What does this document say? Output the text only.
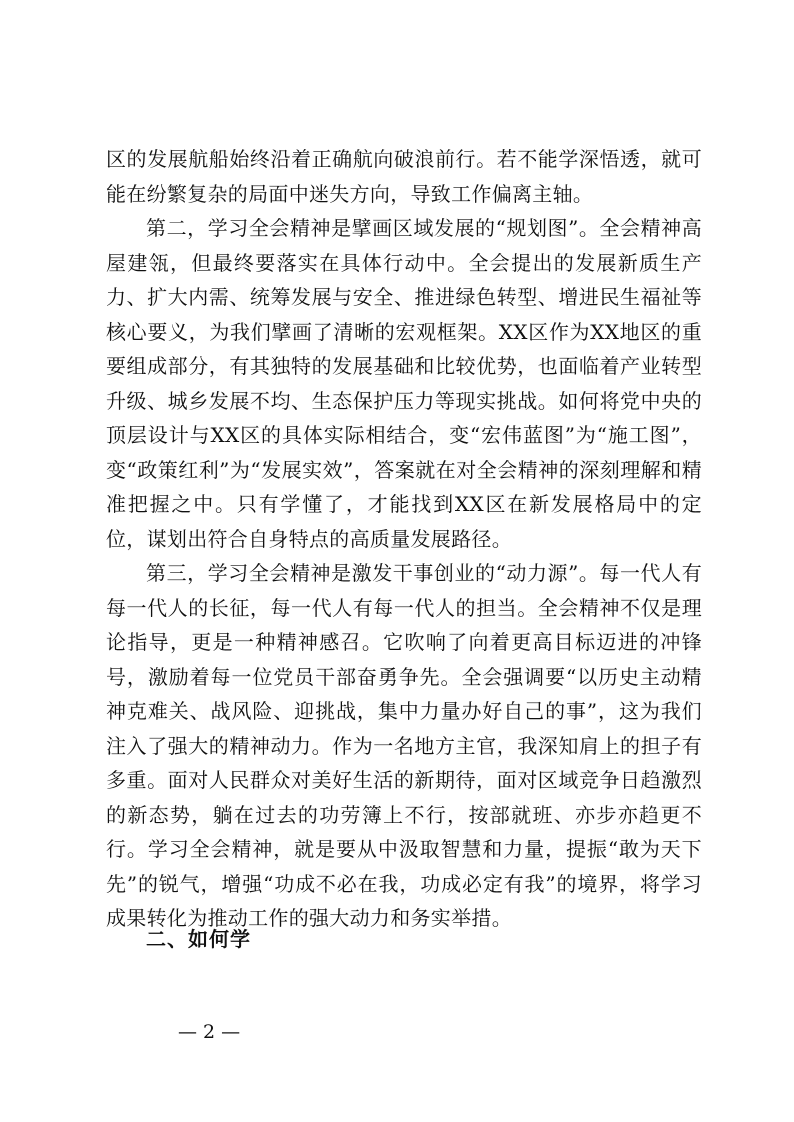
区的发展航船始终沿着正确航向破浪前行。若不能学深悟透，就可能在纷繁复杂的局面中迷失方向，导致工作偏离主轴。

第二，学习全会精神是擘画区域发展的“规划图”。全会精神高屋建瓴，但最终要落实在具体行动中。全会提出的发展新质生产力、扩大内需、统筹发展与安全、推进绿色转型、增进民生福祉等核心要义，为我们擘画了清晰的宏观框架。XX区作为XX地区的重要组成部分，有其独特的发展基础和比较优势，也面临着产业转型升级、城乡发展不均、生态保护压力等现实挑战。如何将党中央的顶层设计与XX区的具体实际相结合，变“宏伟蓝图”为“施工图”，变“政策红利”为“发展实效”，答案就在对全会精神的深刻理解和精准把握之中。只有学懂了，才能找到XX区在新发展格局中的定位，谋划出符合自身特点的高质量发展路径。

第三，学习全会精神是激发干事创业的“动力源”。每一代人有每一代人的长征，每一代人有每一代人的担当。全会精神不仅是理论指导，更是一种精神感召。它吹响了向着更高目标迈进的冲锋号，激励着每一位党员干部奋勇争先。全会强调要“以历史主动精神克难关、战风险、迎挑战，集中力量办好自己的事”，这为我们注入了强大的精神动力。作为一名地方主官，我深知肩上的担子有多重。面对人民群众对美好生活的新期待，面对区域竞争日趋激烈的新态势，躺在过去的功劳簿上不行，按部就班、亦步亦趋更不行。学习全会精神，就是要从中汲取智慧和力量，提振“敢为天下先”的锐气，增强“功成不必在我，功成必定有我”的境界，将学习成果转化为推动工作的强大动力和务实举措。

二、如何学
— 2 —
